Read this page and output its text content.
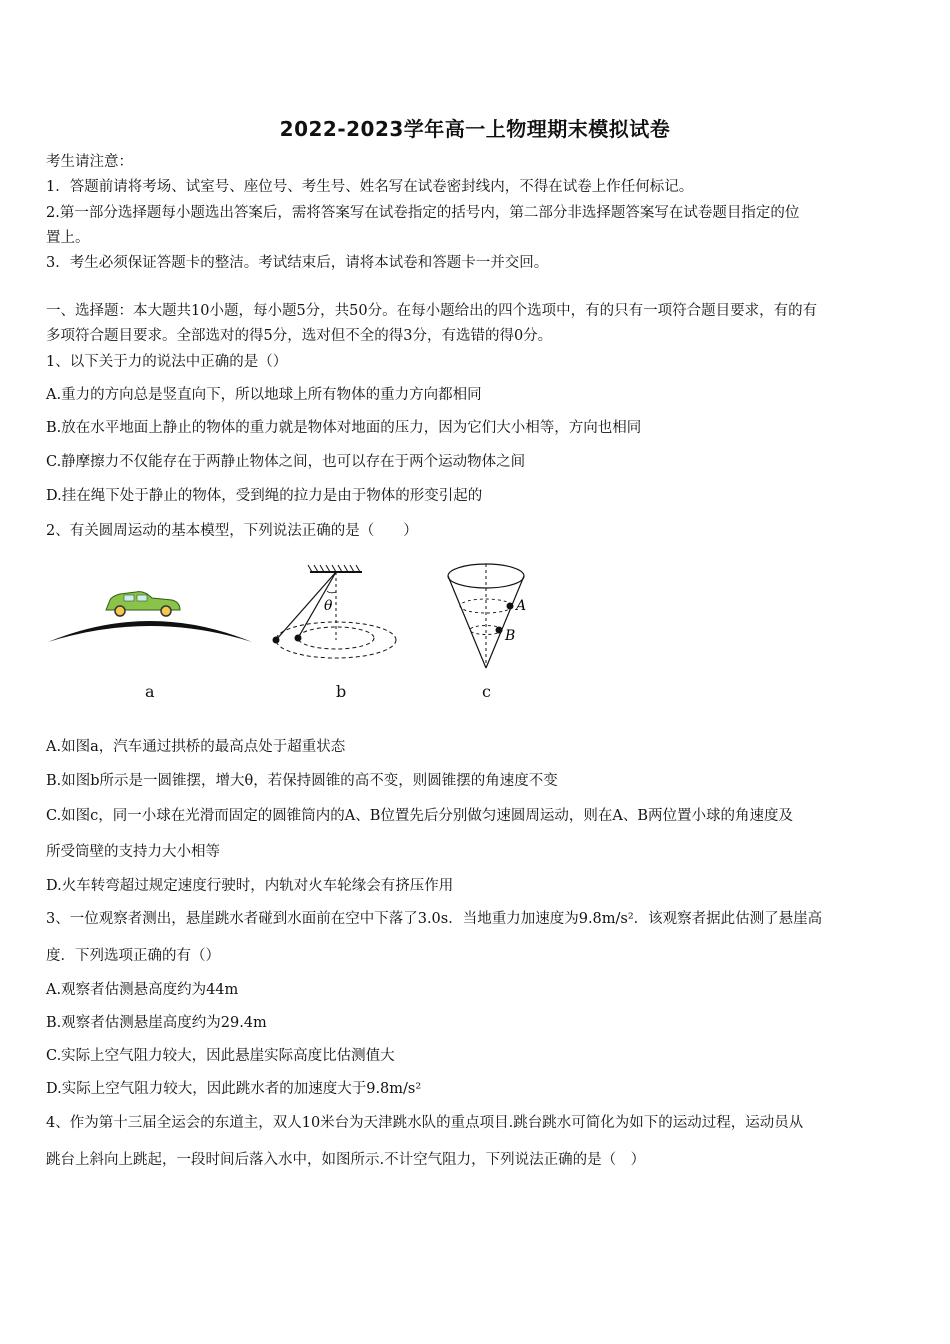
2022-2023学年高一上物理期末模拟试卷
考生请注意：
1．答题前请将考场、试室号、座位号、考生号、姓名写在试卷密封线内，不得在试卷上作任何标记。
2.第一部分选择题每小题选出答案后，需将答案写在试卷指定的括号内，第二部分非选择题答案写在试卷题目指定的位
置上。
3．考生必须保证答题卡的整洁。考试结束后，请将本试卷和答题卡一并交回。
一、选择题：本大题共10小题，每小题5分，共50分。在每小题给出的四个选项中，有的只有一项符合题目要求，有的有
多项符合题目要求。全部选对的得5分，选对但不全的得3分，有选错的得0分。
1、以下关于力的说法中正确的是（）
A.重力的方向总是竖直向下，所以地球上所有物体的重力方向都相同
B.放在水平地面上静止的物体的重力就是物体对地面的压力，因为它们大小相等，方向也相同
C.静摩擦力不仅能存在于两静止物体之间，也可以存在于两个运动物体之间
D.挂在绳下处于静止的物体，受到绳的拉力是由于物体的形变引起的
2、有关圆周运动的基本模型，下列说法正确的是（　　）
θ	A
B
a	b	c
A.如图a，汽车通过拱桥的最高点处于超重状态
B.如图b所示是一圆锥摆，增大θ，若保持圆锥的高不变，则圆锥摆的角速度不变
C.如图c，同一小球在光滑而固定的圆锥筒内的A、B位置先后分别做匀速圆周运动，则在A、B两位置小球的角速度及
所受筒壁的支持力大小相等
D.火车转弯超过规定速度行驶时，内轨对火车轮缘会有挤压作用
3、一位观察者测出，悬崖跳水者碰到水面前在空中下落了3.0s．当地重力加速度为9.8m/s²．该观察者据此估测了悬崖高
度．下列选项正确的有（）
A.观察者估测悬高度约为44m
B.观察者估测悬崖高度约为29.4m
C.实际上空气阻力较大，因此悬崖实际高度比估测值大
D.实际上空气阻力较大，因此跳水者的加速度大于9.8m/s²
4、作为第十三届全运会的东道主，双人10米台为天津跳水队的重点项目.跳台跳水可简化为如下的运动过程，运动员从
跳台上斜向上跳起，一段时间后落入水中，如图所示.不计空气阻力，下列说法正确的是（　）
